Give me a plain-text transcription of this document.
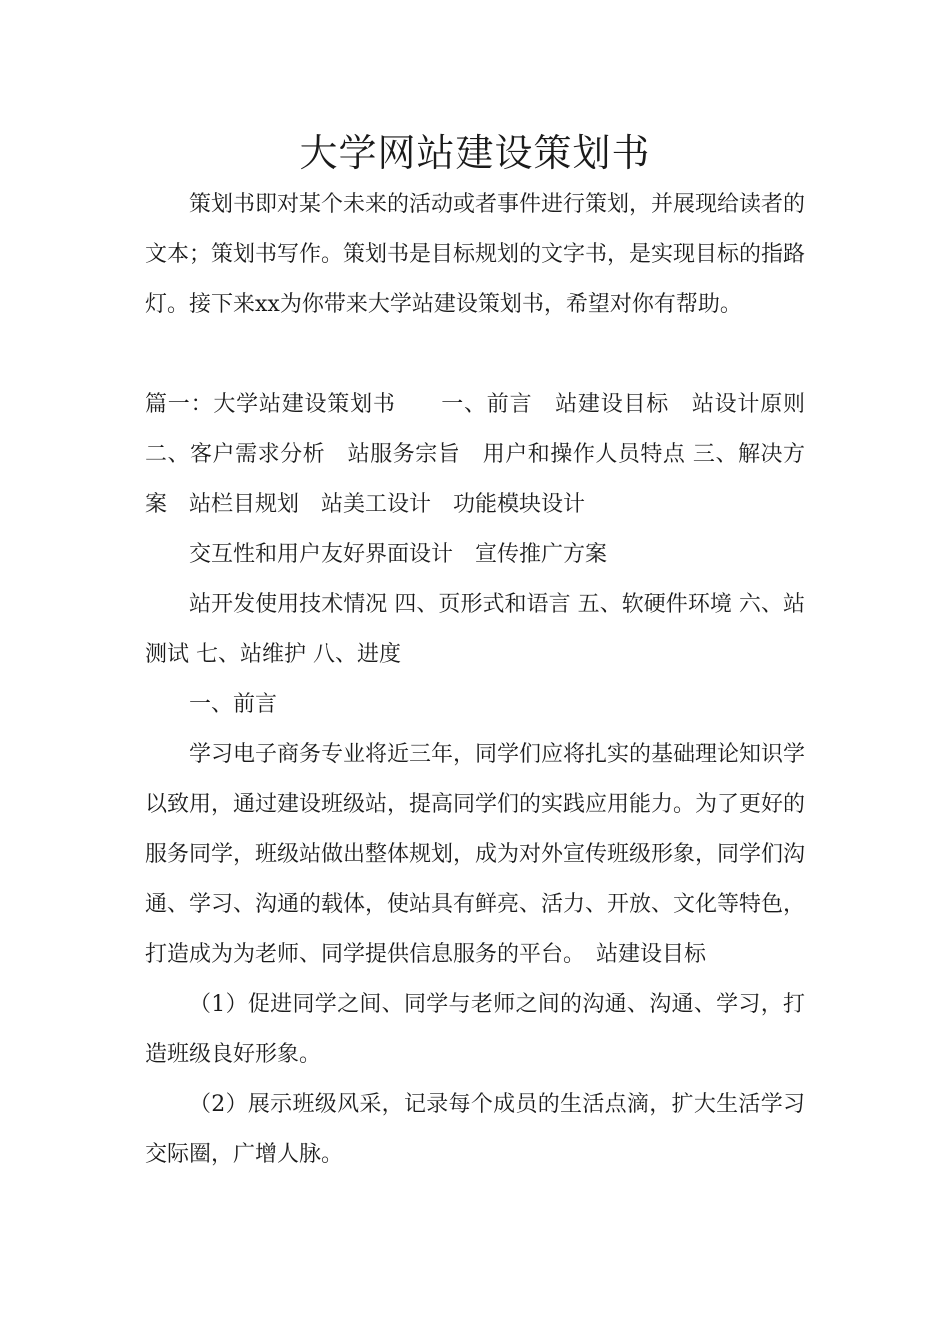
大学网站建设策划书

策划书即对某个未来的活动或者事件进行策划，并展现给读者的文本；策划书写作。策划书是目标规划的文字书，是实现目标的指路灯。接下来xx为你带来大学站建设策划书，希望对你有帮助。

篇一：大学站建设策划书　　一、前言　站建设目标　站设计原则　二、客户需求分析　站服务宗旨　用户和操作人员特点 三、解决方案　站栏目规划　站美工设计　功能模块设计

交互性和用户友好界面设计　宣传推广方案

站开发使用技术情况 四、页形式和语言 五、软硬件环境 六、站测试 七、站维护 八、进度

一、前言

学习电子商务专业将近三年，同学们应将扎实的基础理论知识学以致用，通过建设班级站，提高同学们的实践应用能力。为了更好的服务同学，班级站做出整体规划，成为对外宣传班级形象，同学们沟通、学习、沟通的载体，使站具有鲜亮、活力、开放、文化等特色，打造成为为老师、同学提供信息服务的平台。　站建设目标

（1）促进同学之间、同学与老师之间的沟通、沟通、学习，打造班级良好形象。

（2）展示班级风采，记录每个成员的生活点滴，扩大生活学习交际圈，广增人脉。
